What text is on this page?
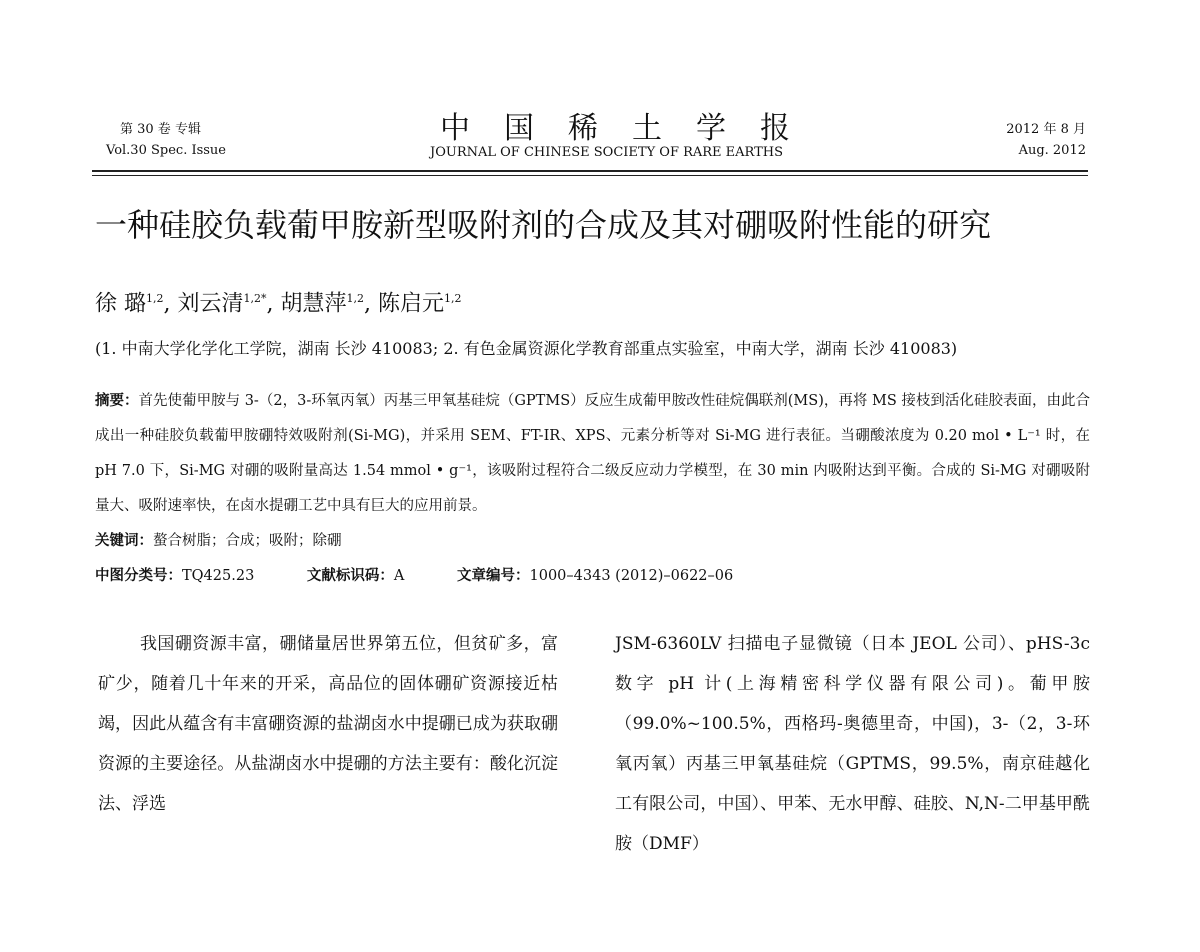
第 30 卷 专辑
Vol.30 Spec. Issue
中国稀土学报
JOURNAL OF CHINESE SOCIETY OF RARE EARTHS
2012 年 8 月
Aug. 2012
一种硅胶负载葡甲胺新型吸附剂的合成及其对硼吸附性能的研究
徐 璐$^{1,2}$, 刘云清$^{1,2*}$, 胡慧萍$^{1,2}$, 陈启元$^{1,2}$
(1. 中南大学化学化工学院，湖南 长沙 410083; 2. 有色金属资源化学教育部重点实验室，中南大学，湖南 长沙 410083)
摘要：首先使葡甲胺与 3-（2，3-环氧丙氧）丙基三甲氧基硅烷（GPTMS）反应生成葡甲胺改性硅烷偶联剂(MS)，再将 MS 接枝到活化硅胶表面，由此合成出一种硅胶负载葡甲胺硼特效吸附剂(Si-MG)，并采用 SEM、FT-IR、XPS、元素分析等对 Si-MG 进行表征。当硼酸浓度为 0.20 mol • L⁻¹ 时，在 pH 7.0 下，Si-MG 对硼的吸附量高达 1.54 mmol • g⁻¹，该吸附过程符合二级反应动力学模型，在 30 min 内吸附达到平衡。合成的 Si-MG 对硼吸附量大、吸附速率快，在卤水提硼工艺中具有巨大的应用前景。
关键词：螯合树脂；合成；吸附；除硼
中图分类号：TQ425.23	文献标识码：A	文章编号：1000–4343 (2012)–0622–06
我国硼资源丰富，硼储量居世界第五位，但贫矿多，富矿少，随着几十年来的开采，高品位的固体硼矿资源接近枯竭，因此从蕴含有丰富硼资源的盐湖卤水中提硼已成为获取硼资源的主要途径。从盐湖卤水中提硼的方法主要有：酸化沉淀法、浮选
JSM-6360LV 扫描电子显微镜（日本 JEOL 公司）、pHS-3c 数字 pH 计(上海精密科学仪器有限公司)。葡甲胺（99.0%~100.5%，西格玛-奥德里奇，中国)，3-（2，3-环氧丙氧）丙基三甲氧基硅烷（GPTMS，99.5%，南京硅越化工有限公司，中国）、甲苯、无水甲醇、硅胶、N,N-二甲基甲酰胺（DMF）
